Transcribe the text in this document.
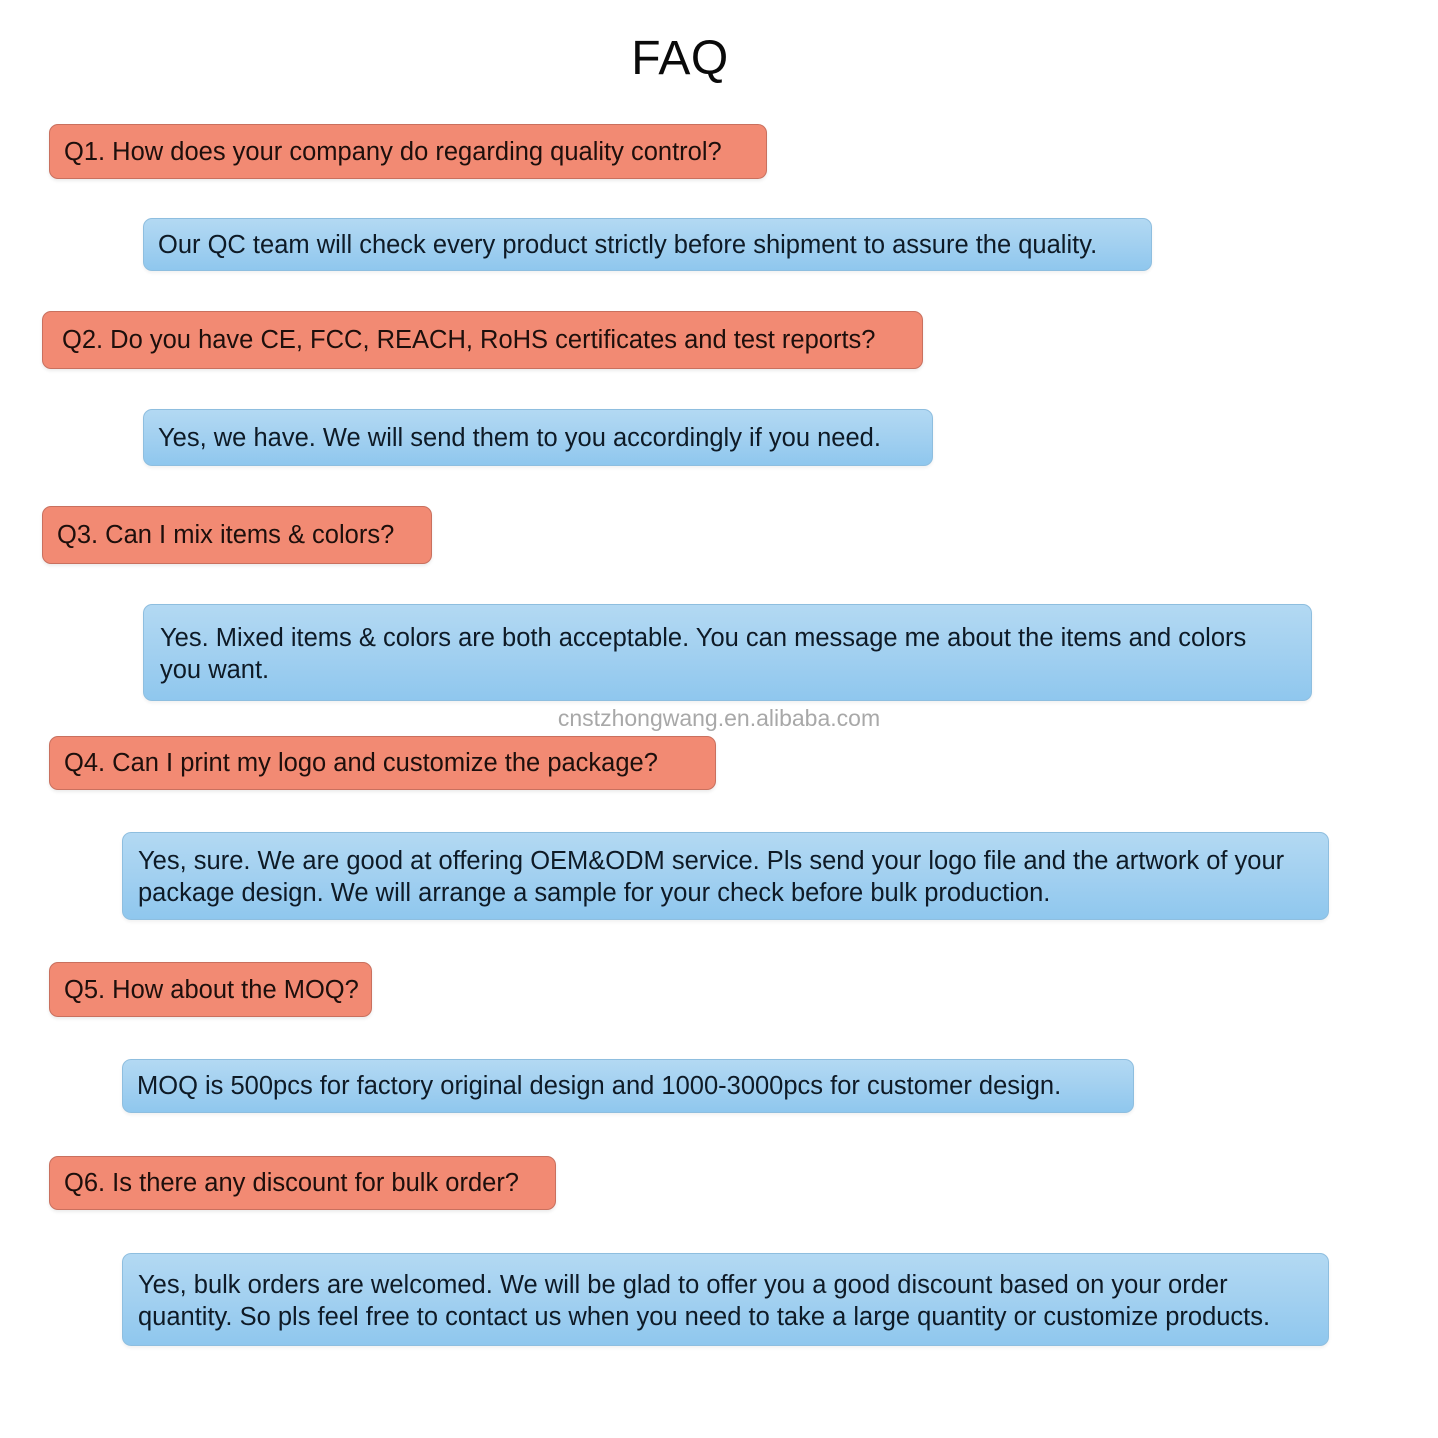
FAQ
Q1. How does your company do regarding quality control?
Our QC team will check every product strictly before shipment to assure the quality.
Q2. Do you have CE, FCC, REACH, RoHS certificates and test reports?
Yes, we have. We will send them to you accordingly if you need.
Q3. Can I mix items & colors?
Yes. Mixed items & colors are both acceptable. You can message me about the items and colors you want.
cnstzhongwang.en.alibaba.com
Q4. Can I print my logo and customize the package?
Yes, sure. We are good at offering OEM&ODM service. Pls send your logo file and the artwork of your package design. We will arrange a sample for your check before bulk production.
Q5. How about the MOQ?
MOQ is 500pcs for factory original design and 1000-3000pcs for customer design.
Q6. Is there any discount for bulk order?
Yes, bulk orders are welcomed. We will be glad to offer you a good discount based on your order quantity. So pls feel free to contact us when you need to take a large quantity or customize products.
